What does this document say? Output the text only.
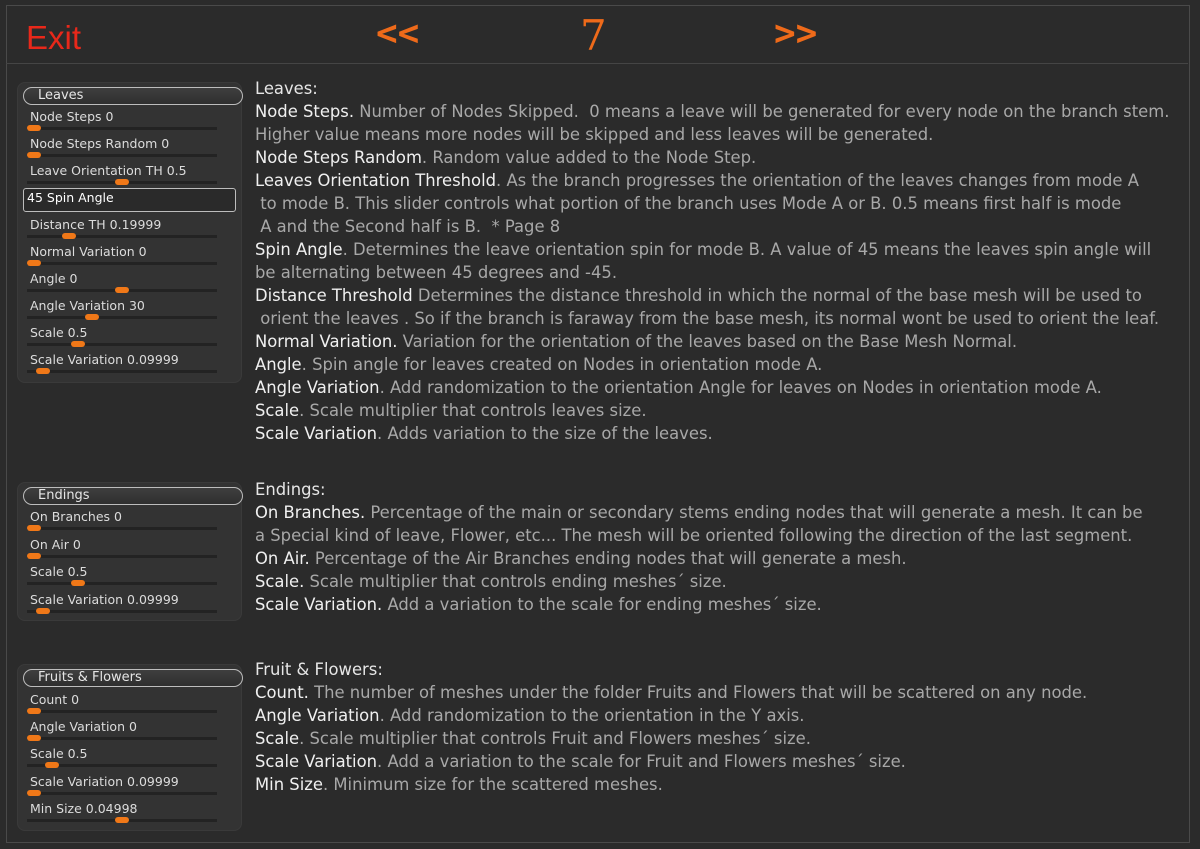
Exit	<<	7	>>
Leaves
Node Steps 0
Node Steps Random 0
Leave Orientation TH 0.5
45 Spin Angle
Distance TH 0.19999
Normal Variation 0
Angle 0
Angle Variation 30
Scale 0.5
Scale Variation 0.09999
Endings
On Branches 0
On Air 0
Scale 0.5
Scale Variation 0.09999
Fruits & Flowers
Count 0
Angle Variation 0
Scale 0.5
Scale Variation 0.09999
Min Size 0.04998
Leaves:
Node Steps. Number of Nodes Skipped.  0 means a leave will be generated for every node on the branch stem.
Higher value means more nodes will be skipped and less leaves will be generated.
Node Steps Random. Random value added to the Node Step.
Leaves Orientation Threshold. As the branch progresses the orientation of the leaves changes from mode A
to mode B. This slider controls what portion of the branch uses Mode A or B. 0.5 means first half is mode
A and the Second half is B.  * Page 8
Spin Angle. Determines the leave orientation spin for mode B. A value of 45 means the leaves spin angle will
be alternating between 45 degrees and -45.
Distance Threshold Determines the distance threshold in which the normal of the base mesh will be used to
orient the leaves . So if the branch is faraway from the base mesh, its normal wont be used to orient the leaf.
Normal Variation. Variation for the orientation of the leaves based on the Base Mesh Normal.
Angle. Spin angle for leaves created on Nodes in orientation mode A.
Angle Variation. Add randomization to the orientation Angle for leaves on Nodes in orientation mode A.
Scale. Scale multiplier that controls leaves size.
Scale Variation. Adds variation to the size of the leaves.
Endings:
On Branches. Percentage of the main or secondary stems ending nodes that will generate a mesh. It can be
a Special kind of leave, Flower, etc... The mesh will be oriented following the direction of the last segment.
On Air. Percentage of the Air Branches ending nodes that will generate a mesh.
Scale. Scale multiplier that controls ending meshes´ size.
Scale Variation. Add a variation to the scale for ending meshes´ size.
Fruit & Flowers:
Count. The number of meshes under the folder Fruits and Flowers that will be scattered on any node.
Angle Variation. Add randomization to the orientation in the Y axis.
Scale. Scale multiplier that controls Fruit and Flowers meshes´ size.
Scale Variation. Add a variation to the scale for Fruit and Flowers meshes´ size.
Min Size. Minimum size for the scattered meshes.
